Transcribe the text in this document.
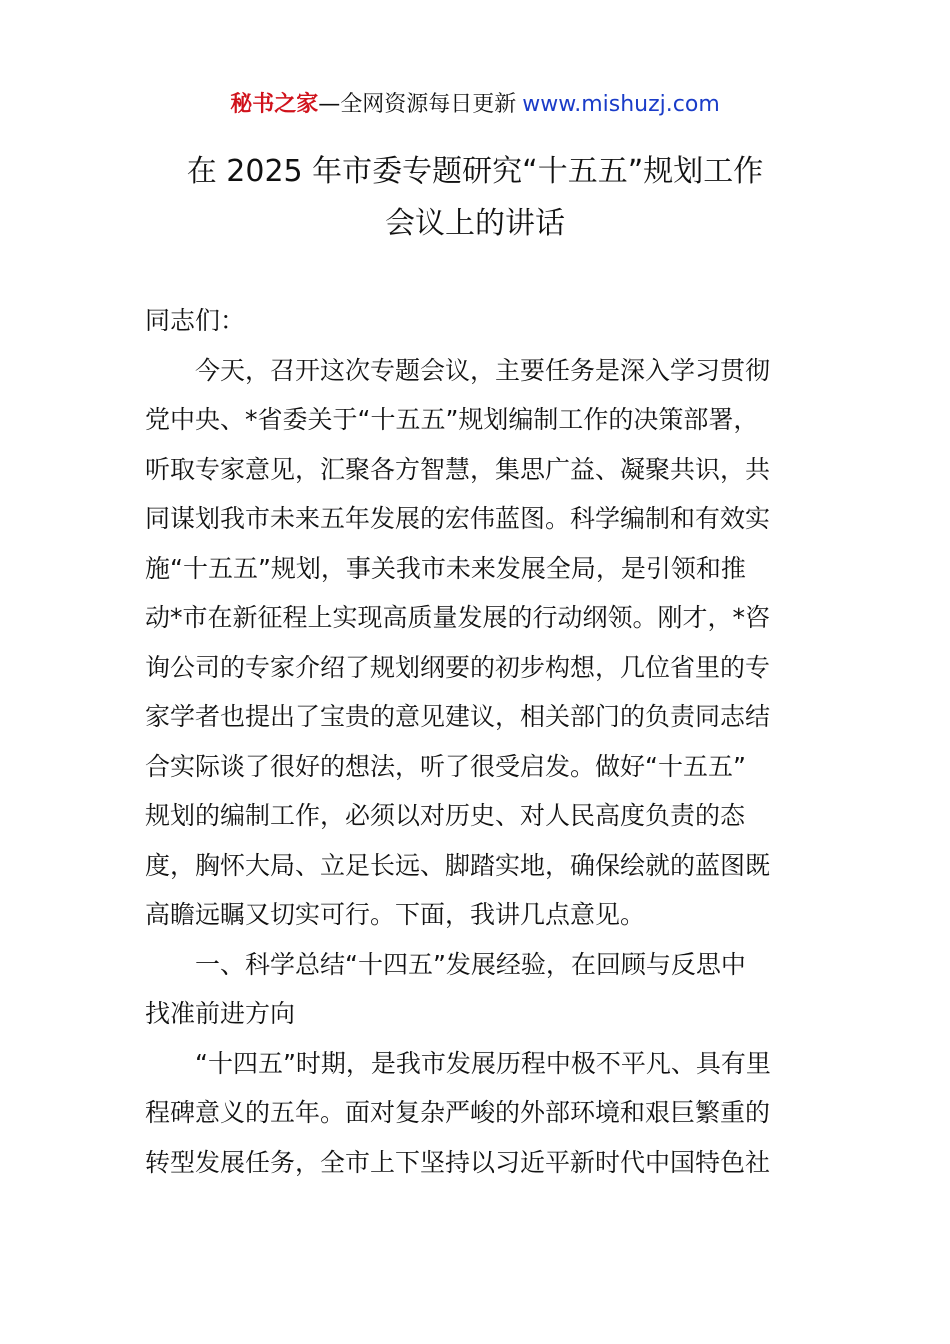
秘书之家—全网资源每日更新 www.mishuzj.com
在 2025 年市委专题研究“十五五”规划工作
会议上的讲话
同志们：
今天，召开这次专题会议，主要任务是深入学习贯彻
党中央、*省委关于“十五五”规划编制工作的决策部署，
听取专家意见，汇聚各方智慧，集思广益、凝聚共识，共
同谋划我市未来五年发展的宏伟蓝图。科学编制和有效实
施“十五五”规划，事关我市未来发展全局，是引领和推
动*市在新征程上实现高质量发展的行动纲领。刚才，*咨
询公司的专家介绍了规划纲要的初步构想，几位省里的专
家学者也提出了宝贵的意见建议，相关部门的负责同志结
合实际谈了很好的想法，听了很受启发。做好“十五五”
规划的编制工作，必须以对历史、对人民高度负责的态
度，胸怀大局、立足长远、脚踏实地，确保绘就的蓝图既
高瞻远瞩又切实可行。下面，我讲几点意见。
一、科学总结“十四五”发展经验，在回顾与反思中
找准前进方向
“十四五”时期，是我市发展历程中极不平凡、具有里
程碑意义的五年。面对复杂严峻的外部环境和艰巨繁重的
转型发展任务，全市上下坚持以习近平新时代中国特色社
